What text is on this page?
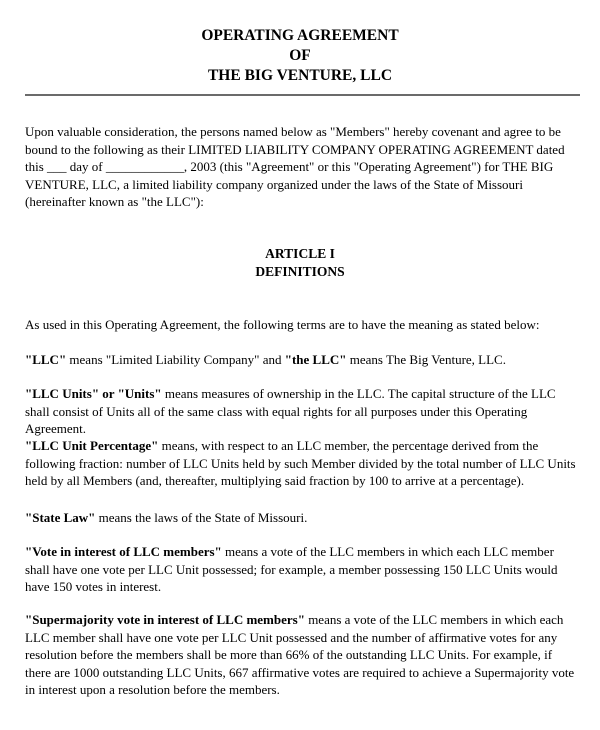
OPERATING AGREEMENT
OF
THE BIG VENTURE, LLC
Upon valuable consideration, the persons named below as "Members" hereby covenant and agree to be bound to the following as their LIMITED LIABILITY COMPANY OPERATING AGREEMENT dated this ___ day of ____________, 2003 (this "Agreement" or this "Operating Agreement") for THE BIG VENTURE, LLC, a limited liability company organized under the laws of the State of Missouri (hereinafter known as "the LLC"):
ARTICLE I
DEFINITIONS
As used in this Operating Agreement, the following terms are to have the meaning as stated below:
"LLC" means "Limited Liability Company" and "the LLC" means The Big Venture, LLC.
"LLC Units" or "Units" means measures of ownership in the LLC. The capital structure of the LLC shall consist of Units all of the same class with equal rights for all purposes under this Operating Agreement.
"LLC Unit Percentage" means, with respect to an LLC member, the percentage derived from the following fraction: number of LLC Units held by such Member divided by the total number of LLC Units held by all Members (and, thereafter, multiplying said fraction by 100 to arrive at a percentage).
"State Law" means the laws of the State of Missouri.
"Vote in interest of LLC members" means a vote of the LLC members in which each LLC member shall have one vote per LLC Unit possessed; for example, a member possessing 150 LLC Units would have 150 votes in interest.
"Supermajority vote in interest of LLC members" means a vote of the LLC members in which each LLC member shall have one vote per LLC Unit possessed and the number of affirmative votes for any resolution before the members shall be more than 66% of the outstanding LLC Units. For example, if there are 1000 outstanding LLC Units, 667 affirmative votes are required to achieve a Supermajority vote in interest upon a resolution before the members.
